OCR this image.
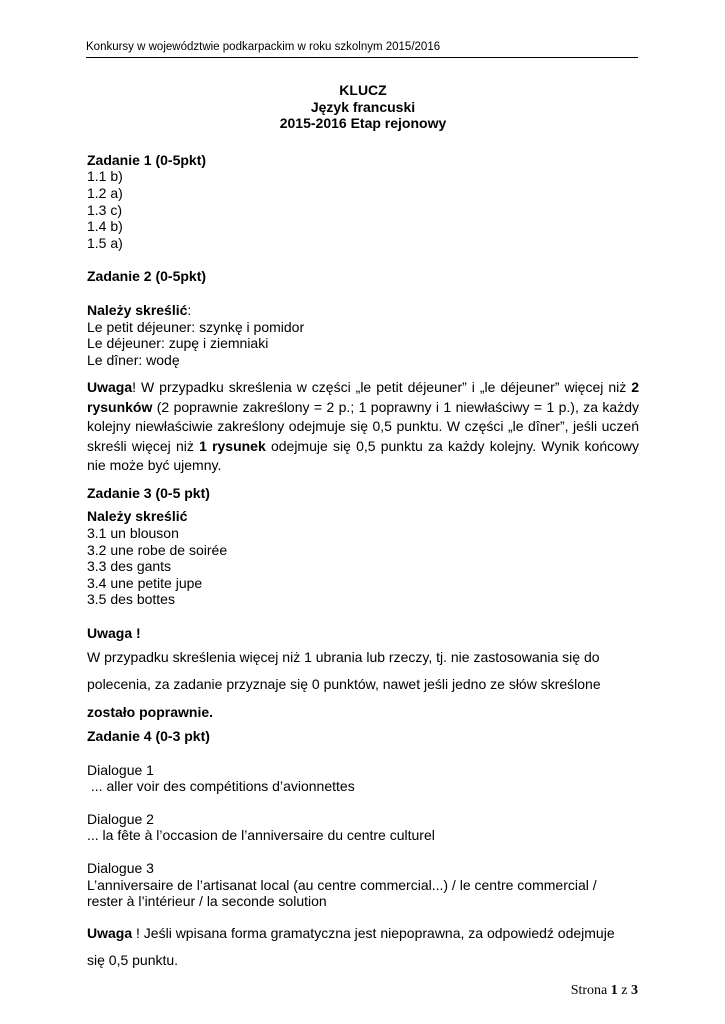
Konkursy w województwie podkarpackim w roku szkolnym 2015/2016
KLUCZ
Język francuski
2015-2016 Etap rejonowy
Zadanie 1 (0-5pkt)
1.1 b)
1.2 a)
1.3 c)
1.4 b)
1.5 a)
Zadanie 2 (0-5pkt)
Należy skreślić:
Le petit déjeuner: szynkę i pomidor
Le déjeuner: zupę i ziemniaki
Le dîner: wodę
Uwaga! W przypadku skreślenia w części „le petit déjeuner” i „le déjeuner” więcej niż 2 rysunków (2 poprawnie zakreślony = 2 p.; 1 poprawny i 1 niewłaściwy = 1 p.), za każdy kolejny niewłaściwie zakreślony odejmuje się 0,5 punktu. W części „le dîner”, jeśli uczeń skreśli więcej niż 1 rysunek odejmuje się 0,5 punktu za każdy kolejny. Wynik końcowy nie może być ujemny.
Zadanie 3 (0-5 pkt)
Należy skreślić
3.1 un blouson
3.2 une robe de soirée
3.3 des gants
3.4 une petite jupe
3.5 des bottes
Uwaga !
W przypadku skreślenia więcej niż 1 ubrania lub rzeczy, tj. nie zastosowania się do
polecenia, za zadanie przyznaje się 0 punktów, nawet jeśli jedno ze słów skreślone
zostało poprawnie.
Zadanie 4 (0-3 pkt)
Dialogue 1
... aller voir des compétitions d’avionnettes
Dialogue 2
... la fête à l’occasion de l’anniversaire du centre culturel
Dialogue 3
L’anniversaire de l’artisanat local (au centre commercial...) / le centre commercial /
rester à l’intérieur / la seconde solution
Uwaga ! Jeśli wpisana forma gramatyczna jest niepoprawna, za odpowiedź odejmuje
się 0,5 punktu.
Strona 1 z 3
